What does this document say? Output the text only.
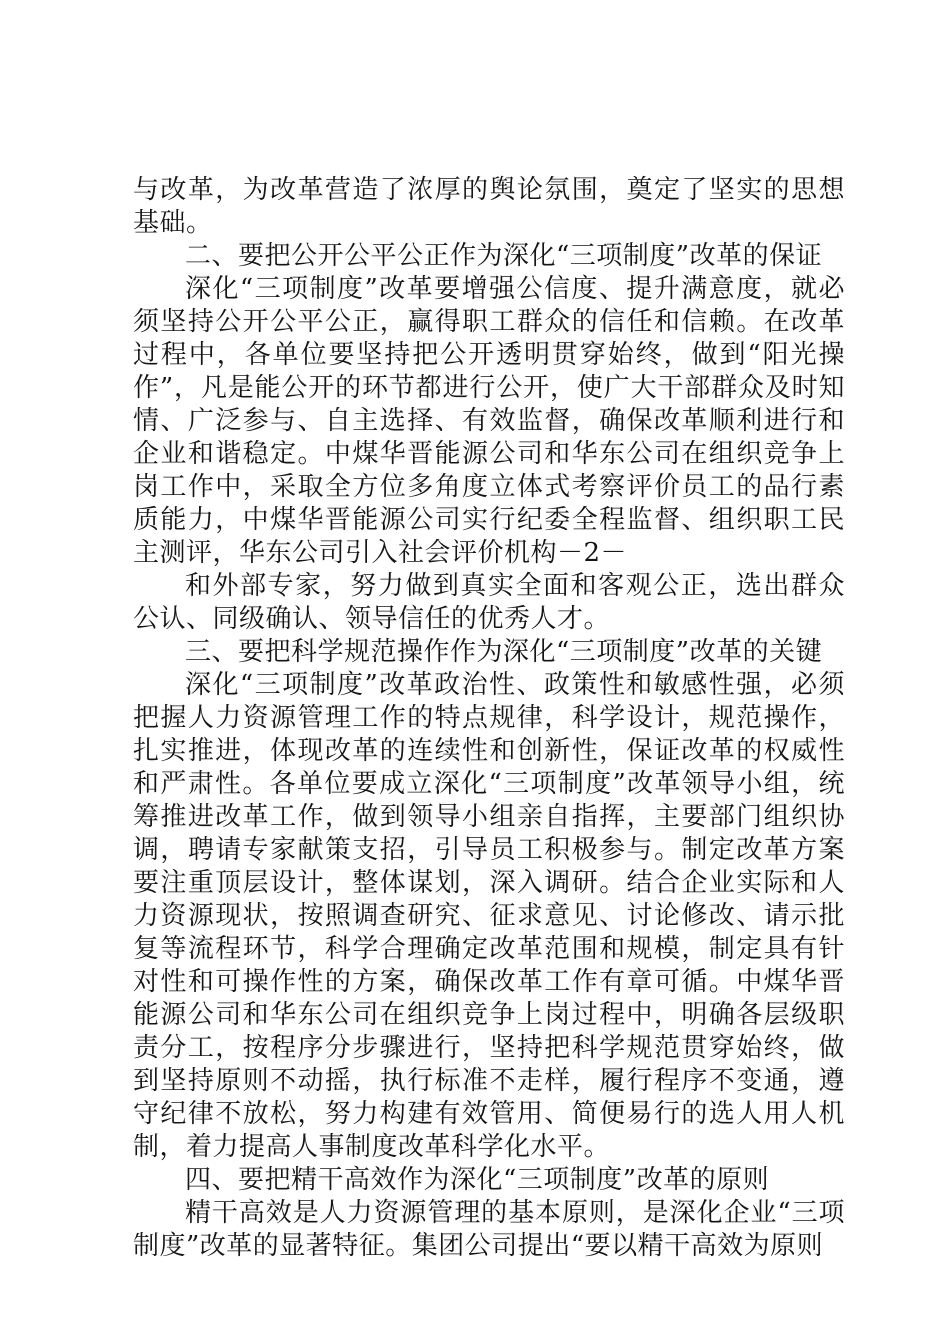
与改革，为改革营造了浓厚的舆论氛围，奠定了坚实的思想基础。

二、要把公开公平公正作为深化“三项制度”改革的保证

深化“三项制度”改革要增强公信度、提升满意度，就必须坚持公开公平公正，赢得职工群众的信任和信赖。在改革过程中，各单位要坚持把公开透明贯穿始终，做到“阳光操作”，凡是能公开的环节都进行公开，使广大干部群众及时知情、广泛参与、自主选择、有效监督，确保改革顺利进行和企业和谐稳定。中煤华晋能源公司和华东公司在组织竞争上岗工作中，采取全方位多角度立体式考察评价员工的品行素质能力，中煤华晋能源公司实行纪委全程监督、组织职工民主测评，华东公司引入社会评价机构－2－

和外部专家，努力做到真实全面和客观公正，选出群众公认、同级确认、领导信任的优秀人才。

三、要把科学规范操作作为深化“三项制度”改革的关键

深化“三项制度”改革政治性、政策性和敏感性强，必须把握人力资源管理工作的特点规律，科学设计，规范操作，扎实推进，体现改革的连续性和创新性，保证改革的权威性和严肃性。各单位要成立深化“三项制度”改革领导小组，统筹推进改革工作，做到领导小组亲自指挥，主要部门组织协调，聘请专家献策支招，引导员工积极参与。制定改革方案要注重顶层设计，整体谋划，深入调研。结合企业实际和人力资源现状，按照调查研究、征求意见、讨论修改、请示批复等流程环节，科学合理确定改革范围和规模，制定具有针对性和可操作性的方案，确保改革工作有章可循。中煤华晋能源公司和华东公司在组织竞争上岗过程中，明确各层级职责分工，按程序分步骤进行，坚持把科学规范贯穿始终，做到坚持原则不动摇，执行标准不走样，履行程序不变通，遵守纪律不放松，努力构建有效管用、简便易行的选人用人机制，着力提高人事制度改革科学化水平。

四、要把精干高效作为深化“三项制度”改革的原则

精干高效是人力资源管理的基本原则，是深化企业“三项制度”改革的显著特征。集团公司提出“要以精干高效为原则
